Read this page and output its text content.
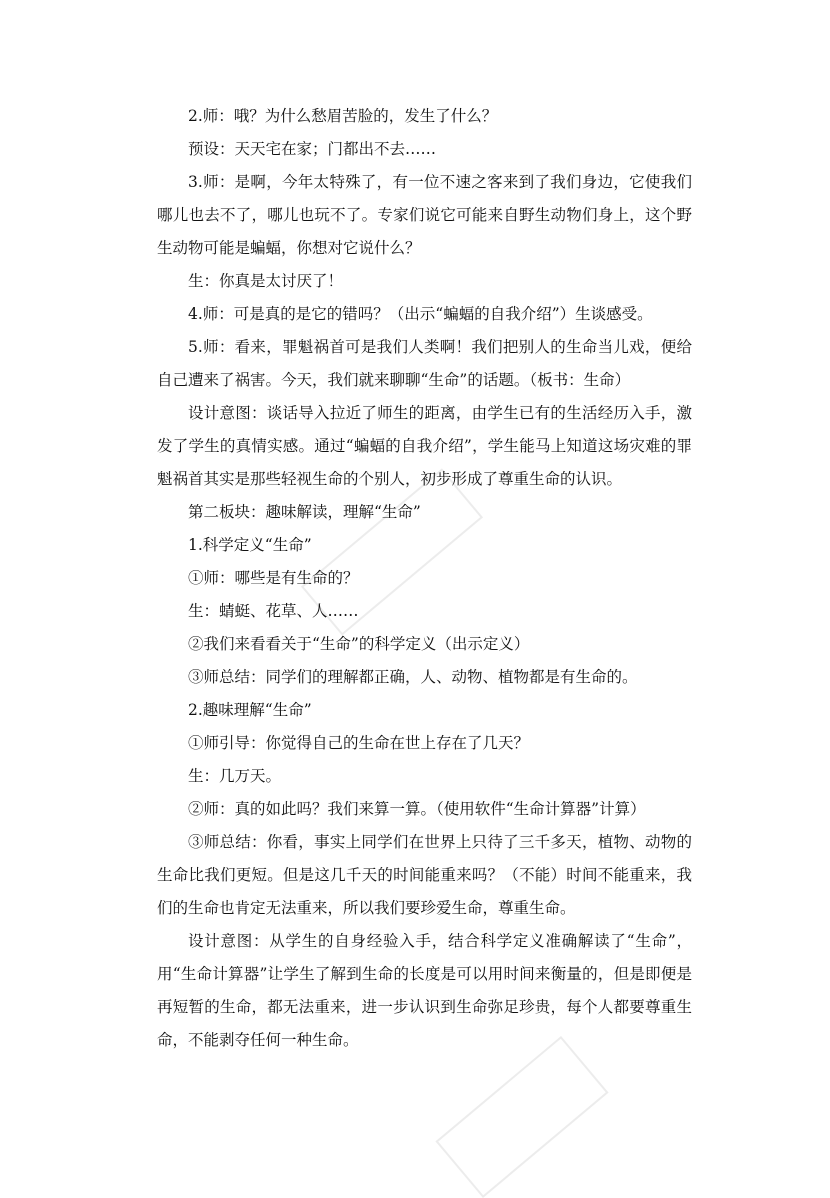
2.师：哦？为什么愁眉苦脸的，发生了什么？

预设：天天宅在家；门都出不去……

3.师：是啊，今年太特殊了，有一位不速之客来到了我们身边，它使我们哪儿也去不了，哪儿也玩不了。专家们说它可能来自野生动物们身上，这个野生动物可能是蝙蝠，你想对它说什么？

生：你真是太讨厌了！

4.师：可是真的是它的错吗？（出示“蝙蝠的自我介绍”）生谈感受。

5.师：看来，罪魁祸首可是我们人类啊！我们把别人的生命当儿戏，便给自己遭来了祸害。今天，我们就来聊聊“生命”的话题。（板书：生命）

设计意图：谈话导入拉近了师生的距离，由学生已有的生活经历入手，激发了学生的真情实感。通过“蝙蝠的自我介绍”，学生能马上知道这场灾难的罪魁祸首其实是那些轻视生命的个别人，初步形成了尊重生命的认识。

第二板块：趣味解读，理解“生命”

1.科学定义“生命”

①师：哪些是有生命的？

生：蜻蜓、花草、人……

②我们来看看关于“生命”的科学定义（出示定义）

③师总结：同学们的理解都正确，人、动物、植物都是有生命的。

2.趣味理解“生命”

①师引导：你觉得自己的生命在世上存在了几天？

生：几万天。

②师：真的如此吗？我们来算一算。（使用软件“生命计算器”计算）

③师总结：你看，事实上同学们在世界上只待了三千多天，植物、动物的生命比我们更短。但是这几千天的时间能重来吗？（不能）时间不能重来，我们的生命也肯定无法重来，所以我们要珍爱生命，尊重生命。

设计意图：从学生的自身经验入手，结合科学定义准确解读了“生命”，用“生命计算器”让学生了解到生命的长度是可以用时间来衡量的，但是即便是再短暂的生命，都无法重来，进一步认识到生命弥足珍贵，每个人都要尊重生命，不能剥夺任何一种生命。
